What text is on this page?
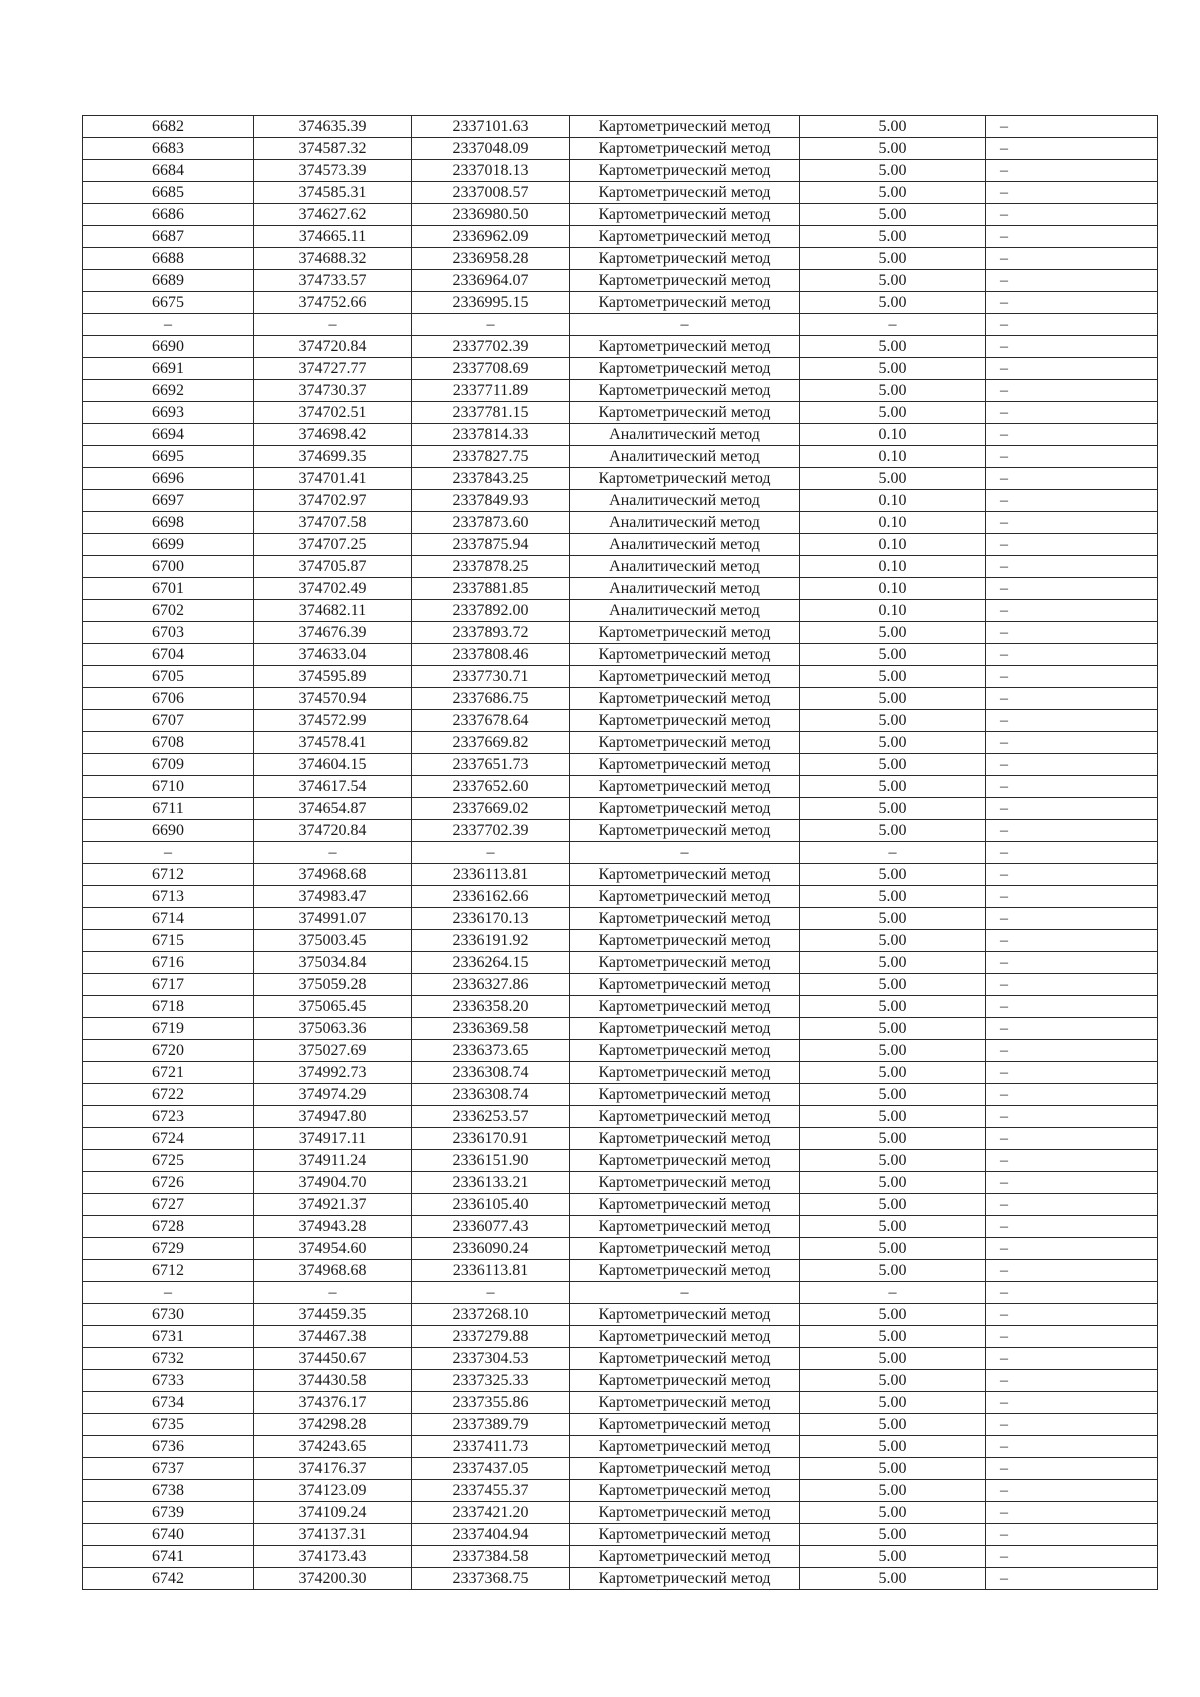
6682	374635.39	2337101.63	Картометрический метод	5.00	–
6683	374587.32	2337048.09	Картометрический метод	5.00	–
6684	374573.39	2337018.13	Картометрический метод	5.00	–
6685	374585.31	2337008.57	Картометрический метод	5.00	–
6686	374627.62	2336980.50	Картометрический метод	5.00	–
6687	374665.11	2336962.09	Картометрический метод	5.00	–
6688	374688.32	2336958.28	Картометрический метод	5.00	–
6689	374733.57	2336964.07	Картометрический метод	5.00	–
6675	374752.66	2336995.15	Картометрический метод	5.00	–
–	–	–	–	–	–
6690	374720.84	2337702.39	Картометрический метод	5.00	–
6691	374727.77	2337708.69	Картометрический метод	5.00	–
6692	374730.37	2337711.89	Картометрический метод	5.00	–
6693	374702.51	2337781.15	Картометрический метод	5.00	–
6694	374698.42	2337814.33	Аналитический метод	0.10	–
6695	374699.35	2337827.75	Аналитический метод	0.10	–
6696	374701.41	2337843.25	Картометрический метод	5.00	–
6697	374702.97	2337849.93	Аналитический метод	0.10	–
6698	374707.58	2337873.60	Аналитический метод	0.10	–
6699	374707.25	2337875.94	Аналитический метод	0.10	–
6700	374705.87	2337878.25	Аналитический метод	0.10	–
6701	374702.49	2337881.85	Аналитический метод	0.10	–
6702	374682.11	2337892.00	Аналитический метод	0.10	–
6703	374676.39	2337893.72	Картометрический метод	5.00	–
6704	374633.04	2337808.46	Картометрический метод	5.00	–
6705	374595.89	2337730.71	Картометрический метод	5.00	–
6706	374570.94	2337686.75	Картометрический метод	5.00	–
6707	374572.99	2337678.64	Картометрический метод	5.00	–
6708	374578.41	2337669.82	Картометрический метод	5.00	–
6709	374604.15	2337651.73	Картометрический метод	5.00	–
6710	374617.54	2337652.60	Картометрический метод	5.00	–
6711	374654.87	2337669.02	Картометрический метод	5.00	–
6690	374720.84	2337702.39	Картометрический метод	5.00	–
–	–	–	–	–	–
6712	374968.68	2336113.81	Картометрический метод	5.00	–
6713	374983.47	2336162.66	Картометрический метод	5.00	–
6714	374991.07	2336170.13	Картометрический метод	5.00	–
6715	375003.45	2336191.92	Картометрический метод	5.00	–
6716	375034.84	2336264.15	Картометрический метод	5.00	–
6717	375059.28	2336327.86	Картометрический метод	5.00	–
6718	375065.45	2336358.20	Картометрический метод	5.00	–
6719	375063.36	2336369.58	Картометрический метод	5.00	–
6720	375027.69	2336373.65	Картометрический метод	5.00	–
6721	374992.73	2336308.74	Картометрический метод	5.00	–
6722	374974.29	2336308.74	Картометрический метод	5.00	–
6723	374947.80	2336253.57	Картометрический метод	5.00	–
6724	374917.11	2336170.91	Картометрический метод	5.00	–
6725	374911.24	2336151.90	Картометрический метод	5.00	–
6726	374904.70	2336133.21	Картометрический метод	5.00	–
6727	374921.37	2336105.40	Картометрический метод	5.00	–
6728	374943.28	2336077.43	Картометрический метод	5.00	–
6729	374954.60	2336090.24	Картометрический метод	5.00	–
6712	374968.68	2336113.81	Картометрический метод	5.00	–
–	–	–	–	–	–
6730	374459.35	2337268.10	Картометрический метод	5.00	–
6731	374467.38	2337279.88	Картометрический метод	5.00	–
6732	374450.67	2337304.53	Картометрический метод	5.00	–
6733	374430.58	2337325.33	Картометрический метод	5.00	–
6734	374376.17	2337355.86	Картометрический метод	5.00	–
6735	374298.28	2337389.79	Картометрический метод	5.00	–
6736	374243.65	2337411.73	Картометрический метод	5.00	–
6737	374176.37	2337437.05	Картометрический метод	5.00	–
6738	374123.09	2337455.37	Картометрический метод	5.00	–
6739	374109.24	2337421.20	Картометрический метод	5.00	–
6740	374137.31	2337404.94	Картометрический метод	5.00	–
6741	374173.43	2337384.58	Картометрический метод	5.00	–
6742	374200.30	2337368.75	Картометрический метод	5.00	–
